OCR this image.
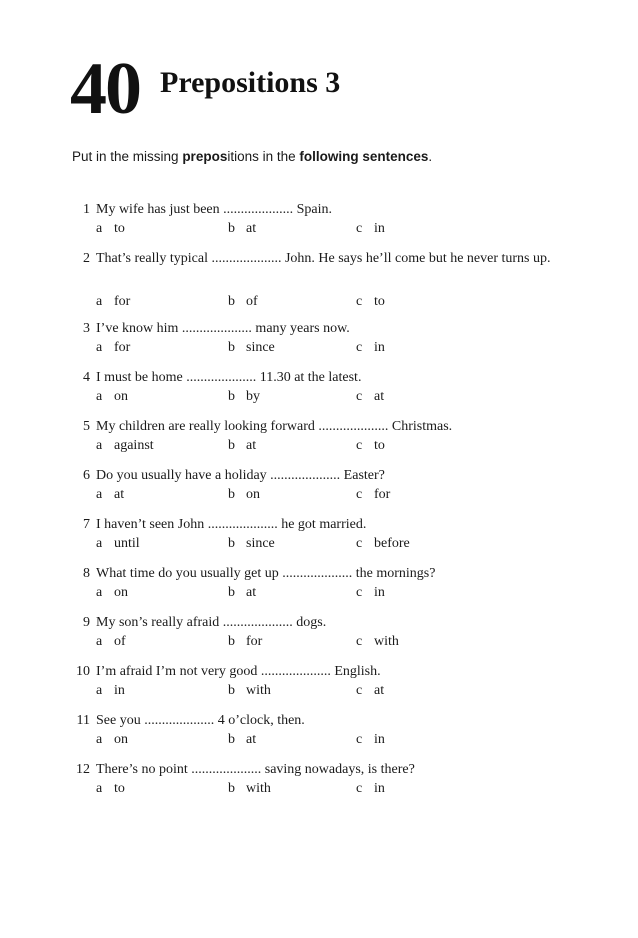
40 Prepositions 3
Put in the missing prepositions in the following sentences.
1 My wife has just been .................... Spain.
a to	b at	c in
2 That’s really typical .................... John. He says he’ll come but he never turns up.
a for	b of	c to
3 I’ve know him .................... many years now.
a for	b since	c in
4 I must be home .................... 11.30 at the latest.
a on	b by	c at
5 My children are really looking forward .................... Christmas.
a against	b at	c to
6 Do you usually have a holiday .................... Easter?
a at	b on	c for
7 I haven’t seen John .................... he got married.
a until	b since	c before
8 What time do you usually get up .................... the mornings?
a on	b at	c in
9 My son’s really afraid .................... dogs.
a of	b for	c with
10 I’m afraid I’m not very good .................... English.
a in	b with	c at
11 See you .................... 4 o’clock, then.
a on	b at	c in
12 There’s no point .................... saving nowadays, is there?
a to	b with	c in
